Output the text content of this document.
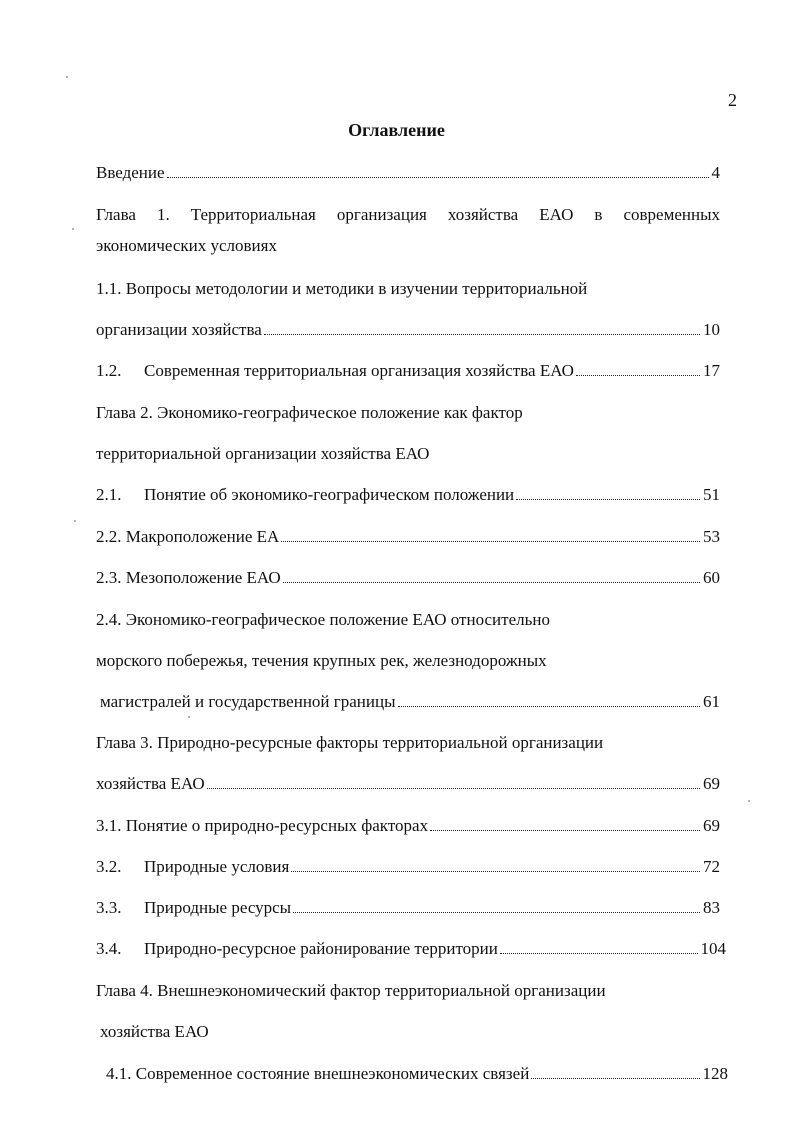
2
Оглавление
Введение	4
Глава 1. Территориальная организация хозяйства ЕАО в современных
экономических условиях
1.1. Вопросы методологии и методики в изучении территориальной
организации хозяйства	10
1.2. Современная территориальная организация хозяйства ЕАО	17
Глава 2. Экономико-географическое положение как фактор
территориальной организации хозяйства ЕАО
2.1. Понятие об экономико-географическом положении	51
2.2. Макроположение ЕА	53
2.3. Мезоположение ЕАО	60
2.4. Экономико-географическое положение ЕАО относительно
морского побережья, течения крупных рек, железнодорожных
магистралей и государственной границы	61
Глава 3. Природно-ресурсные факторы территориальной организации
хозяйства ЕАО	69
3.1. Понятие о природно-ресурсных факторах	69
3.2. Природные условия	72
3.3. Природные ресурсы	83
3.4. Природно-ресурсное районирование территории	104
Глава 4. Внешнеэкономический фактор территориальной организации
хозяйства ЕАО
4.1. Современное состояние внешнеэкономических связей	128
